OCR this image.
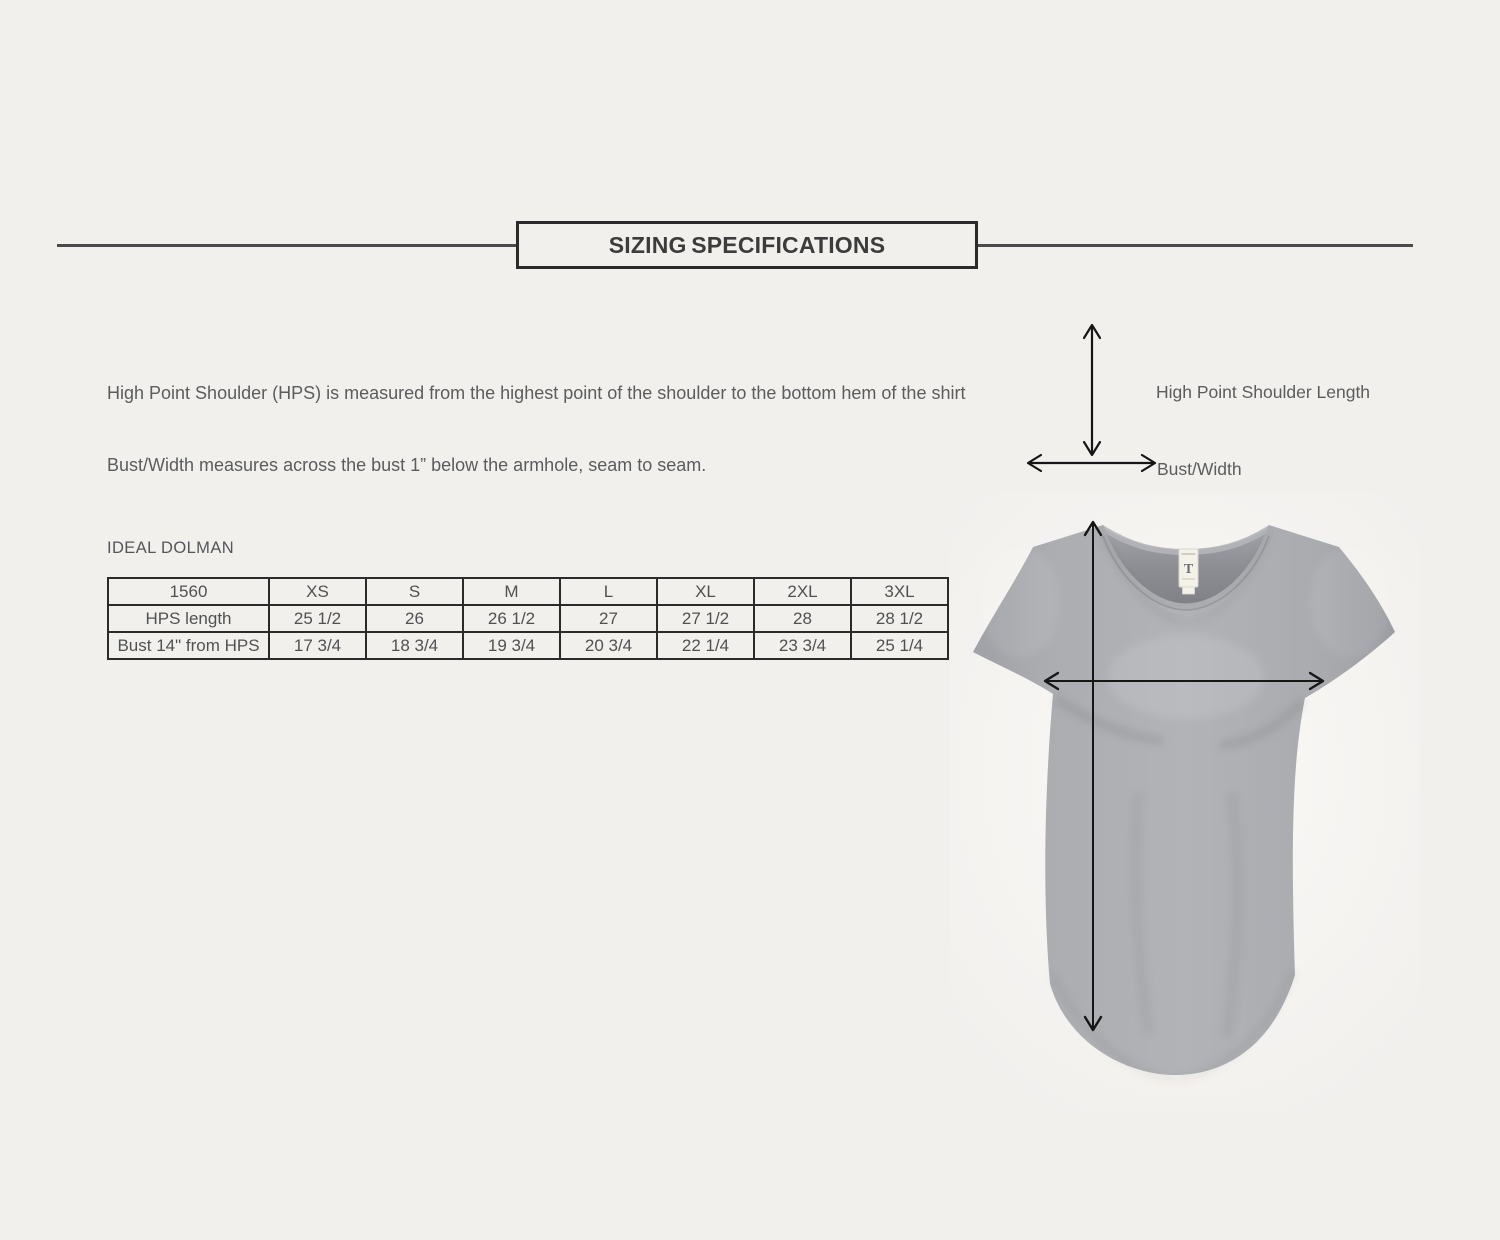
SIZING SPECIFICATIONS
High Point Shoulder (HPS) is measured from the highest point of the shoulder to the bottom hem of the shirt
Bust/Width measures across the bust 1” below the armhole, seam to seam.
IDEAL DOLMAN
1560	XS	S	M	L	XL	2XL	3XL
HPS length	25 1/2	26	26 1/2	27	27 1/2	28	28 1/2
Bust 14" from HPS	17 3/4	18 3/4	19 3/4	20 3/4	22 1/4	23 3/4	25 1/4
High Point Shoulder Length
Bust/Width
T
